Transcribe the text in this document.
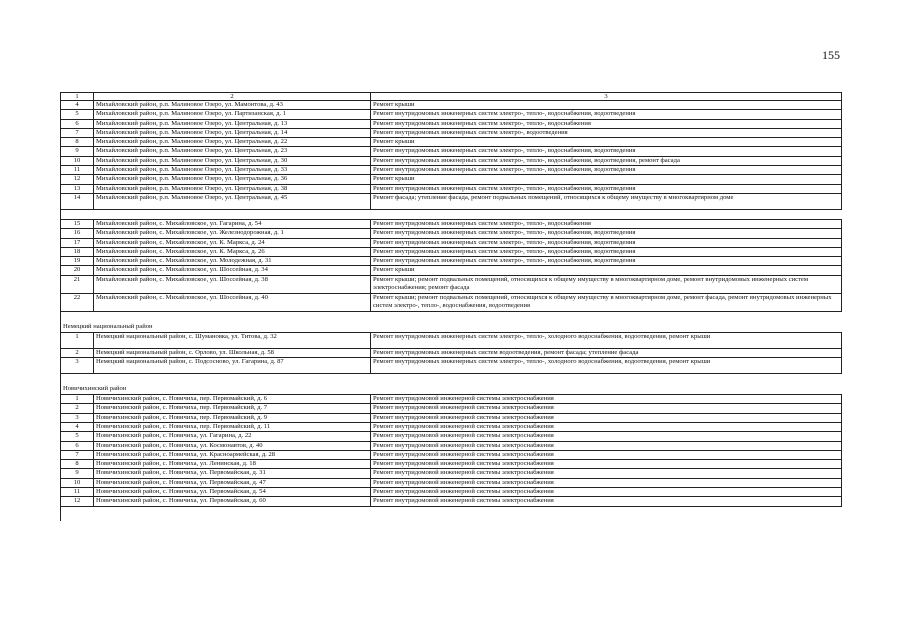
155
1	2	3
4	Михайловский район, р.п. Малиновое Озеро, ул. Мамонтова, д. 43	Ремонт крыши
5	Михайловский район, р.п. Малиновое Озеро, ул. Партизанская, д. 1	Ремонт внутридомовых инженерных систем электро-, тепло-, водоснабжения, водоотведения
6	Михайловский район, р.п. Малиновое Озеро, ул. Центральная, д. 13	Ремонт внутридомовых инженерных систем электро-, тепло-, водоснабжения
7	Михайловский район, р.п. Малиновое Озеро, ул. Центральная, д. 14	Ремонт внутридомовых инженерных систем электро-, водоотведения
8	Михайловский район, р.п. Малиновое Озеро, ул. Центральная, д. 22	Ремонт крыши
9	Михайловский район, р.п. Малиновое Озеро, ул. Центральная, д. 23	Ремонт внутридомовых инженерных систем электро-, тепло-, водоснабжения, водоотведения
10	Михайловский район, р.п. Малиновое Озеро, ул. Центральная, д. 30	Ремонт внутридомовых инженерных систем электро-, тепло-, водоснабжения, водоотведения, ремонт фасада
11	Михайловский район, р.п. Малиновое Озеро, ул. Центральная, д. 33	Ремонт внутридомовых инженерных систем электро-, тепло-, водоснабжения, водоотведения
12	Михайловский район, р.п. Малиновое Озеро, ул. Центральная, д. 36	Ремонт крыши
13	Михайловский район, р.п. Малиновое Озеро, ул. Центральная, д. 38	Ремонт внутридомовых инженерных систем электро-, тепло-, водоснабжения, водоотведения
14	Михайловский район, р.п. Малиновое Озеро, ул. Центральная, д. 45	Ремонт фасада; утепление фасада, ремонт подвальных помещений, относящихся к общему имуществу в многоквартирном доме

15	Михайловский район, с. Михайловское, ул. Гагарина, д. 54	Ремонт внутридомовых инженерных систем электро-, тепло-, водоснабжения
16	Михайловский район, с. Михайловское, ул. Железнодорожная, д. 1	Ремонт внутридомовых инженерных систем электро-, тепло-, водоснабжения, водоотведения
17	Михайловский район, с. Михайловское, ул. К. Маркса, д. 24	Ремонт внутридомовых инженерных систем электро-, тепло-, водоснабжения, водоотведения
18	Михайловский район, с. Михайловское, ул. К. Маркса, д. 26	Ремонт внутридомовых инженерных систем электро-, тепло-, водоснабжения, водоотведения
19	Михайловский район, с. Михайловское, ул. Молодежная, д. 31	Ремонт внутридомовых инженерных систем электро-, тепло-, водоснабжения, водоотведения
20	Михайловский район, с. Михайловское, ул. Шоссейная, д. 34	Ремонт крыши
21	Михайловский район, с. Михайловское, ул. Шоссейная, д. 38	Ремонт крыши; ремонт подвальных помещений, относящихся к общему имуществу в многоквартирном доме, ремонт внутридомовых инженерных систем электроснабжения; ремонт фасада
22	Михайловский район, с. Михайловское, ул. Шоссейная, д. 40	Ремонт крыши; ремонт подвальных помещений, относящихся к общему имуществу в многоквартирном доме, ремонт фасада, ремонт внутридомовых инженерных систем электро-, тепло-, водоснабжения, водоотведения

Немецкий национальный район		
1	Немецкий национальный район, с. Шумановка, ул. Титова, д. 32	Ремонт внутридомовых инженерных систем электро-, тепло-, холодного водоснабжения, водоотведения, ремонт крыши
2	Немецкий национальный район, с. Орлово, ул. Школьная, д. 58	Ремонт внутридомовых инженерных систем водоотведения, ремонт фасада; утепление фасада
3	Немецкий национальный район, с. Подсосново, ул. Гагарина, д. 87	Ремонт внутридомовых инженерных систем электро-, тепло-, холодного водоснабжения, водоотведения, ремонт крыши

Новичихинский район		
1	Новичихинский район, с. Новичиха, пер. Первомайский, д. 6	Ремонт внутридомовой инженерной системы электроснабжения
2	Новичихинский район, с. Новичиха, пер. Первомайский, д. 7	Ремонт внутридомовой инженерной системы электроснабжения
3	Новичихинский район, с. Новичиха, пер. Первомайский, д. 9	Ремонт внутридомовой инженерной системы электроснабжения
4	Новичихинский район, с. Новичиха, пер. Первомайский, д. 11	Ремонт внутридомовой инженерной системы электроснабжения
5	Новичихинский район, с. Новичиха, ул. Гагарина, д. 22	Ремонт внутридомовой инженерной системы электроснабжения
6	Новичихинский район, с. Новичиха, ул. Космонавтов, д. 40	Ремонт внутридомовой инженерной системы электроснабжения
7	Новичихинский район, с. Новичиха, ул. Красноармейская, д. 28	Ремонт внутридомовой инженерной системы электроснабжения
8	Новичихинский район, с. Новичиха, ул. Ленинская, д. 18	Ремонт внутридомовой инженерной системы электроснабжения
9	Новичихинский район, с. Новичиха, ул. Первомайская, д. 31	Ремонт внутридомовой инженерной системы электроснабжения
10	Новичихинский район, с. Новичиха, ул. Первомайская, д. 47	Ремонт внутридомовой инженерной системы электроснабжения
11	Новичихинский район, с. Новичиха, ул. Первомайская, д. 54	Ремонт внутридомовой инженерной системы электроснабжения
12	Новичихинский район, с. Новичиха, ул. Первомайская, д. 60	Ремонт внутридомовой инженерной системы электроснабжения
